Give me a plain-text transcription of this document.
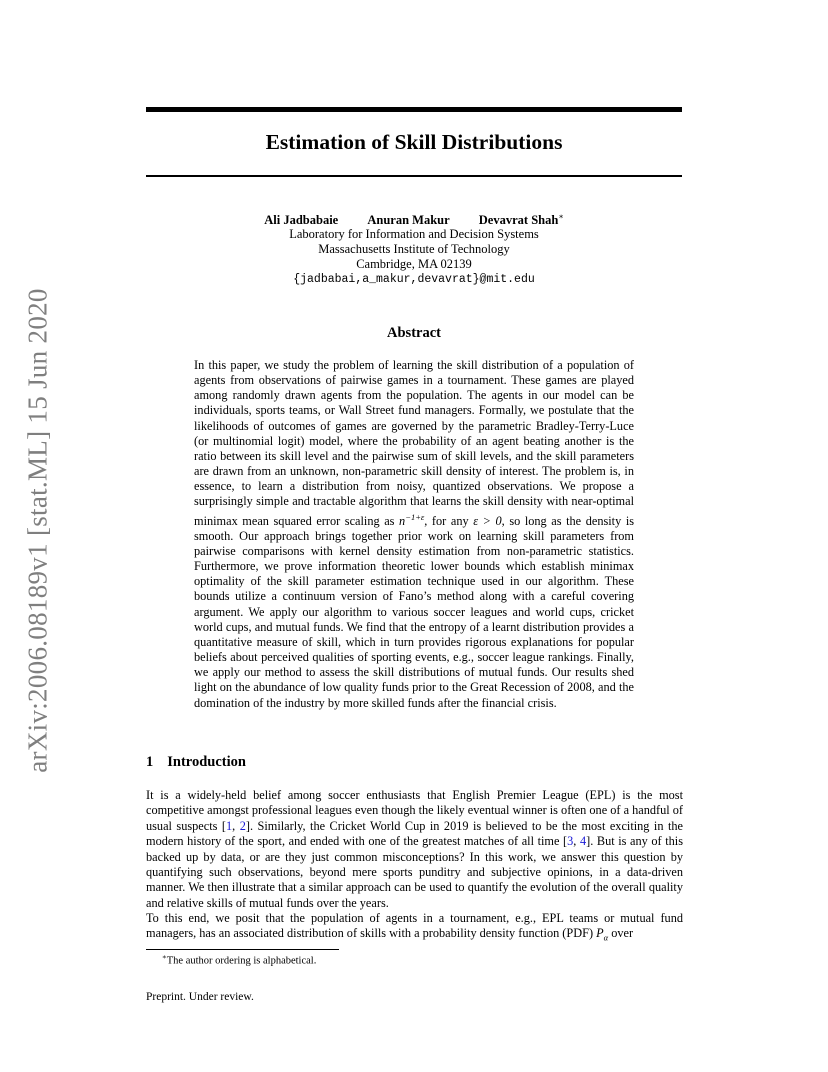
arXiv:2006.08189v1 [stat.ML] 15 Jun 2020
Estimation of Skill Distributions
Ali Jadbabaie Anuran Makur Devavrat Shah∗
Laboratory for Information and Decision Systems
Massachusetts Institute of Technology
Cambridge, MA 02139
{jadbabai,a_makur,devavrat}@mit.edu
Abstract

In this paper, we study the problem of learning the skill distribution of a population of agents from observations of pairwise games in a tournament. These games are played among randomly drawn agents from the population. The agents in our model can be individuals, sports teams, or Wall Street fund managers. Formally, we postulate that the likelihoods of outcomes of games are governed by the parametric Bradley-Terry-Luce (or multinomial logit) model, where the probability of an agent beating another is the ratio between its skill level and the pairwise sum of skill levels, and the skill parameters are drawn from an unknown, non-parametric skill density of interest. The problem is, in essence, to learn a distribution from noisy, quantized observations. We propose a surprisingly simple and tractable algorithm that learns the skill density with near-optimal minimax mean squared error scaling as $n^{-1+\varepsilon}$, for any ε > 0, so long as the density is smooth. Our approach brings together prior work on learning skill parameters from pairwise comparisons with kernel density estimation from non-parametric statistics. Furthermore, we prove information theoretic lower bounds which establish minimax optimality of the skill parameter estimation technique used in our algorithm. These bounds utilize a continuum version of Fano’s method along with a careful covering argument. We apply our algorithm to various soccer leagues and world cups, cricket world cups, and mutual funds. We find that the entropy of a learnt distribution provides a quantitative measure of skill, which in turn provides rigorous explanations for popular beliefs about perceived qualities of sporting events, e.g., soccer league rankings. Finally, we apply our method to assess the skill distributions of mutual funds. Our results shed light on the abundance of low quality funds prior to the Great Recession of 2008, and the domination of the industry by more skilled funds after the financial crisis.

1 Introduction

It is a widely-held belief among soccer enthusiasts that English Premier League (EPL) is the most competitive amongst professional leagues even though the likely eventual winner is often one of a handful of usual suspects [1, 2]. Similarly, the Cricket World Cup in 2019 is believed to be the most exciting in the modern history of the sport, and ended with one of the greatest matches of all time [3, 4]. But is any of this backed up by data, or are they just common misconceptions? In this work, we answer this question by quantifying such observations, beyond mere sports punditry and subjective opinions, in a data-driven manner. We then illustrate that a similar approach can be used to quantify the evolution of the overall quality and relative skills of mutual funds over the years.

To this end, we posit that the population of agents in a tournament, e.g., EPL teams or mutual fund managers, has an associated distribution of skills with a probability density function (PDF) $P_\alpha$ over

∗The author ordering is alphabetical.
Preprint. Under review.
